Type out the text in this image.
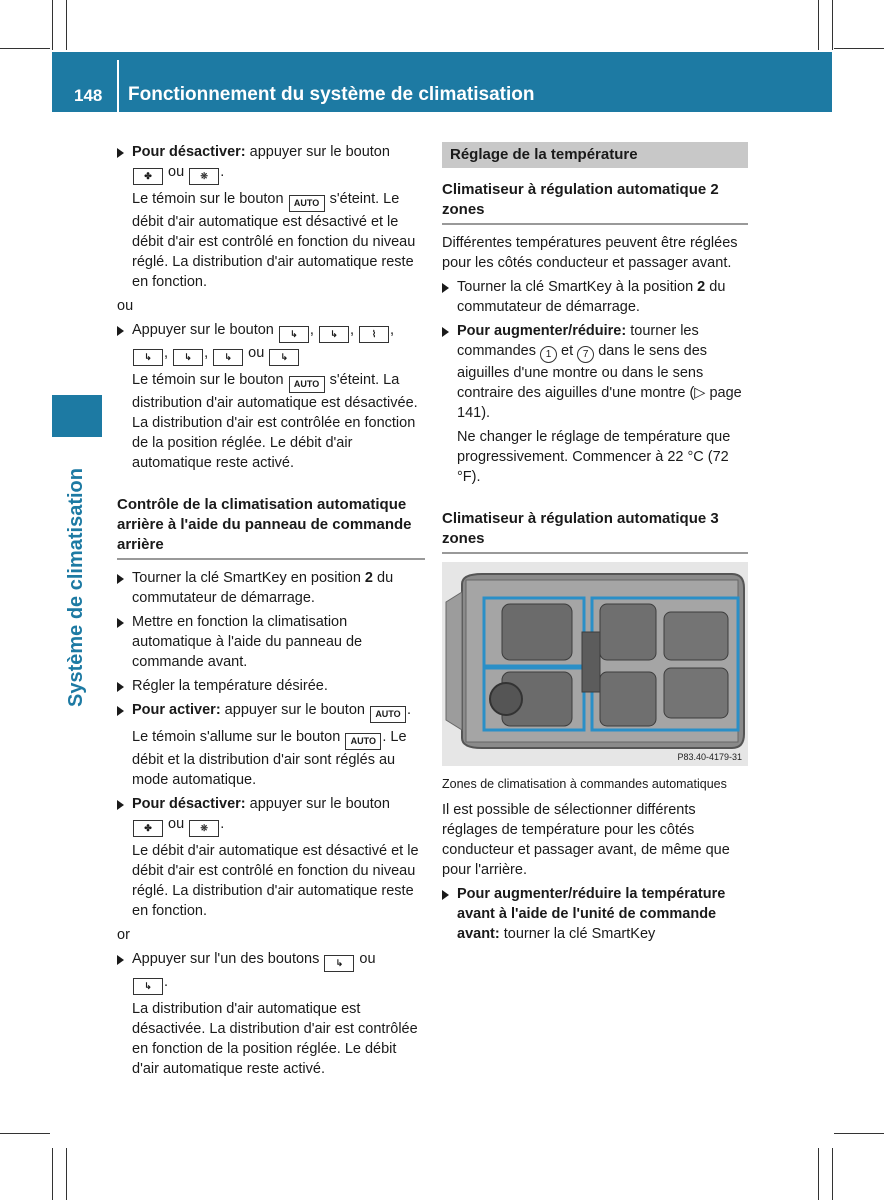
148 Fonctionnement du système de climatisation
Système de climatisation

Pour désactiver: appuyer sur le bouton
✤ ou ❊ .

Le témoin sur le bouton AUTO s'éteint. Le débit d'air automatique est désactivé et le débit d'air est contrôlé en fonction du niveau réglé. La distribution d'air automatique reste en fonction.

ou

Appuyer sur le bouton ↳ , ↳ , ⌇ ,
↳ , ↳ , ↳ ou ↳

Le témoin sur le bouton AUTO s'éteint. La distribution d'air automatique est désactivée. La distribution d'air est contrôlée en fonction de la position réglée. Le débit d'air automatique reste activé.

Contrôle de la climatisation automatique arrière à l'aide du panneau de commande arrière

Tourner la clé SmartKey en position 2 du commutateur de démarrage.

Mettre en fonction la climatisation automatique à l'aide du panneau de commande avant.

Régler la température désirée.

Pour activer: appuyer sur le bouton AUTO .

Le témoin s'allume sur le bouton AUTO . Le débit et la distribution d'air sont réglés au mode automatique.

Pour désactiver: appuyer sur le bouton
✤ ou ❊ .

Le débit d'air automatique est désactivé et le débit d'air est contrôlé en fonction du niveau réglé. La distribution d'air automatique reste en fonction.

or

Appuyer sur l'un des boutons ↳ ou
↳ .

La distribution d'air automatique est désactivée. La distribution d'air est contrôlée en fonction de la position réglée. Le débit d'air automatique reste activé.

Réglage de la température
Climatiseur à régulation automatique 2 zones

Différentes températures peuvent être réglées pour les côtés conducteur et passager avant.

Tourner la clé SmartKey à la position 2 du commutateur de démarrage.

Pour augmenter/réduire: tourner les commandes 1 et 7 dans le sens des aiguilles d'une montre ou dans le sens contraire des aiguilles d'une montre (▷ page 141).

Ne changer le réglage de température que progressivement. Commencer à 22 °C (72 °F).

Climatiseur à régulation automatique 3 zones
P83.40-4179-31

Zones de climatisation à commandes automatiques

Il est possible de sélectionner différents réglages de température pour les côtés conducteur et passager avant, de même que pour l'arrière.

Pour augmenter/réduire la température avant à l'aide de l'unité de commande avant: tourner la clé SmartKey
